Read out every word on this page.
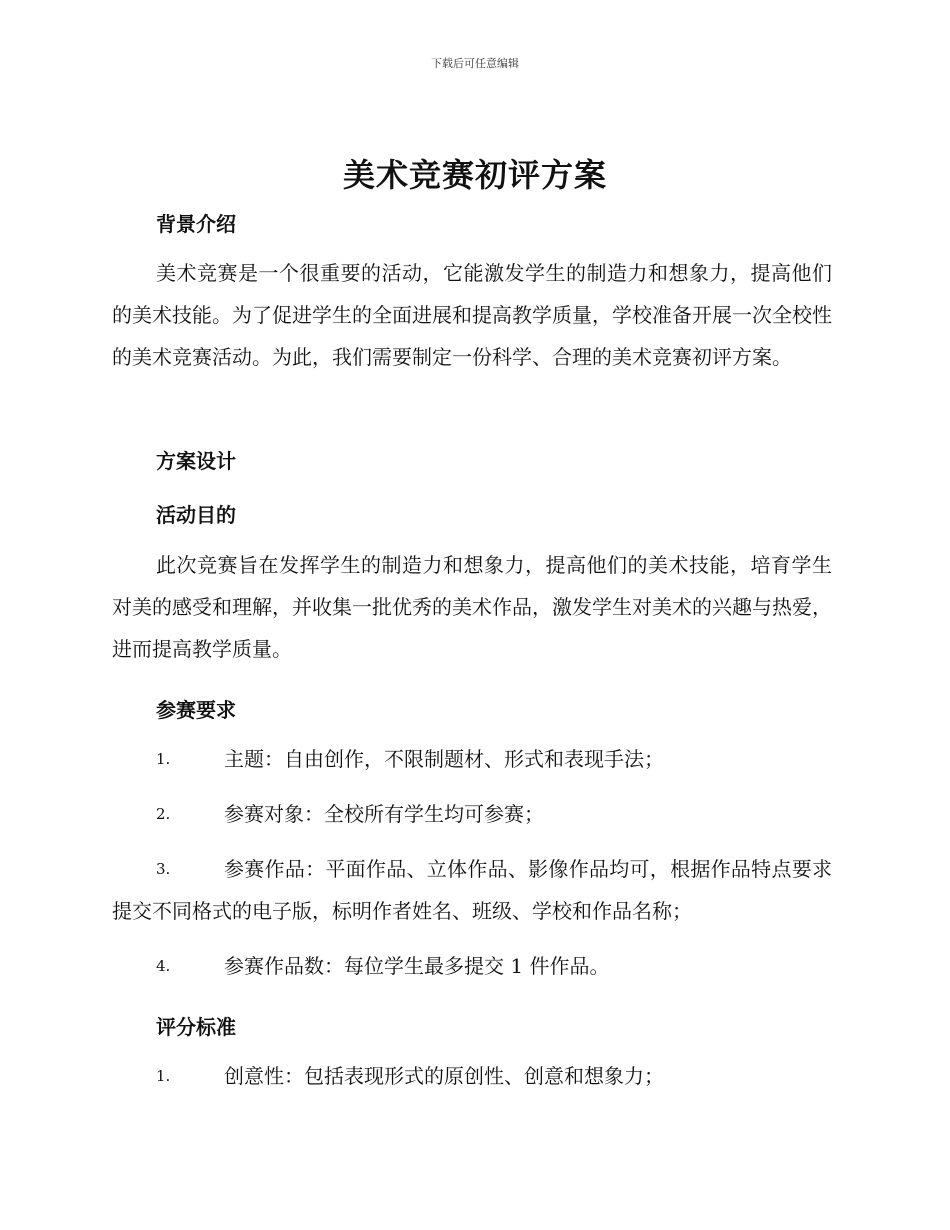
下载后可任意编辑
美术竞赛初评方案
背景介绍

美术竞赛是一个很重要的活动，它能激发学生的制造力和想象力，提高他们的美术技能。为了促进学生的全面进展和提高教学质量，学校准备开展一次全校性的美术竞赛活动。为此，我们需要制定一份科学、合理的美术竞赛初评方案。

方案设计
活动目的

此次竞赛旨在发挥学生的制造力和想象力，提高他们的美术技能，培育学生对美的感受和理解，并收集一批优秀的美术作品，激发学生对美术的兴趣与热爱，进而提高教学质量。

参赛要求
1.	主题：自由创作，不限制题材、形式和表现手法；
2.	参赛对象：全校所有学生均可参赛；
3.	参赛作品：平面作品、立体作品、影像作品均可，根据作品特点要求提交不同格式的电子版，标明作者姓名、班级、学校和作品名称；
4.	参赛作品数：每位学生最多提交 1 件作品。
评分标准
1.	创意性：包括表现形式的原创性、创意和想象力；
